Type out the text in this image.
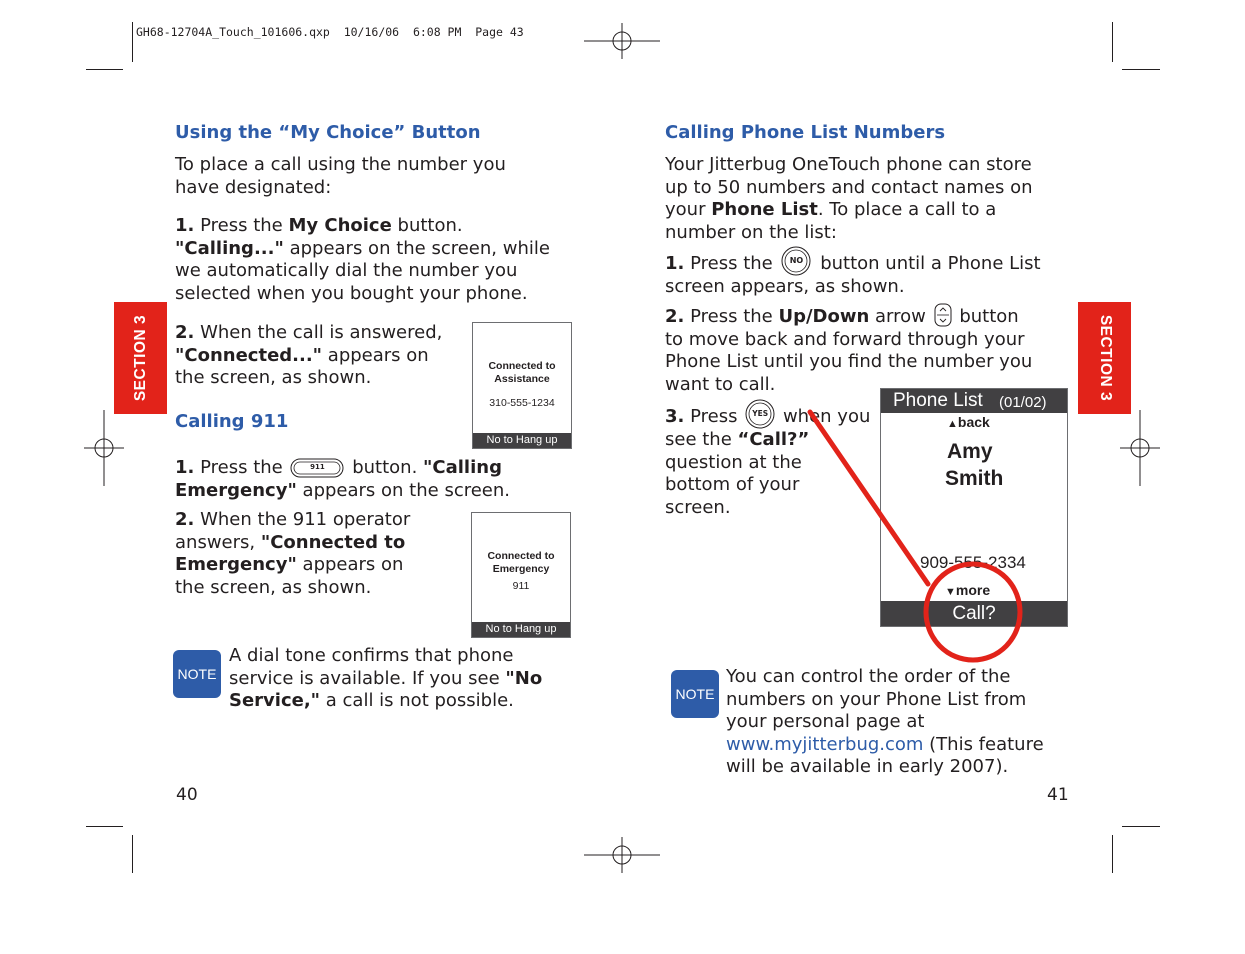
GH68-12704A_Touch_101606.qxp  10/16/06  6:08 PM  Page 43
SECTION 3	SECTION 3
Using the “My Choice” Button

To place a call using the number you
have designated:

1. Press the My Choice button.
"Calling..." appears on the screen, while
we automatically dial the number you
selected when you bought your phone.

2. When the call is answered,
"Connected..." appears on
the screen, as shown.

Connected to
Assistance
310-555-1234
No to Hang up
Calling 911

1. Press the	911	button. "Calling
Emergency" appears on the screen.

2. When the 911 operator
answers, "Connected to
Emergency" appears on
the screen, as shown.

Connected to
Emergency
911
No to Hang up
NOTE

A dial tone confirms that phone
service is available. If you see "No
Service," a call is not possible.

40
Calling Phone List Numbers

Your Jitterbug OneTouch phone can store
up to 50 numbers and contact names on
your Phone List. To place a call to a
number on the list:

1. Press the	NO button until a Phone List
screen appears, as shown.

2. Press the Up/Down arrow button
to move back and forward through your
Phone List until you find the number you
want to call.

3. Press	YES when you
see the “Call?”
question at the
bottom of your
screen.

Phone List (01/02)
▲back
Amy
Smith
909-555-2334
▼more
Call?
NOTE

You can control the order of the
numbers on your Phone List from
your personal page at
www.myjitterbug.com (This feature
will be available in early 2007).

41
